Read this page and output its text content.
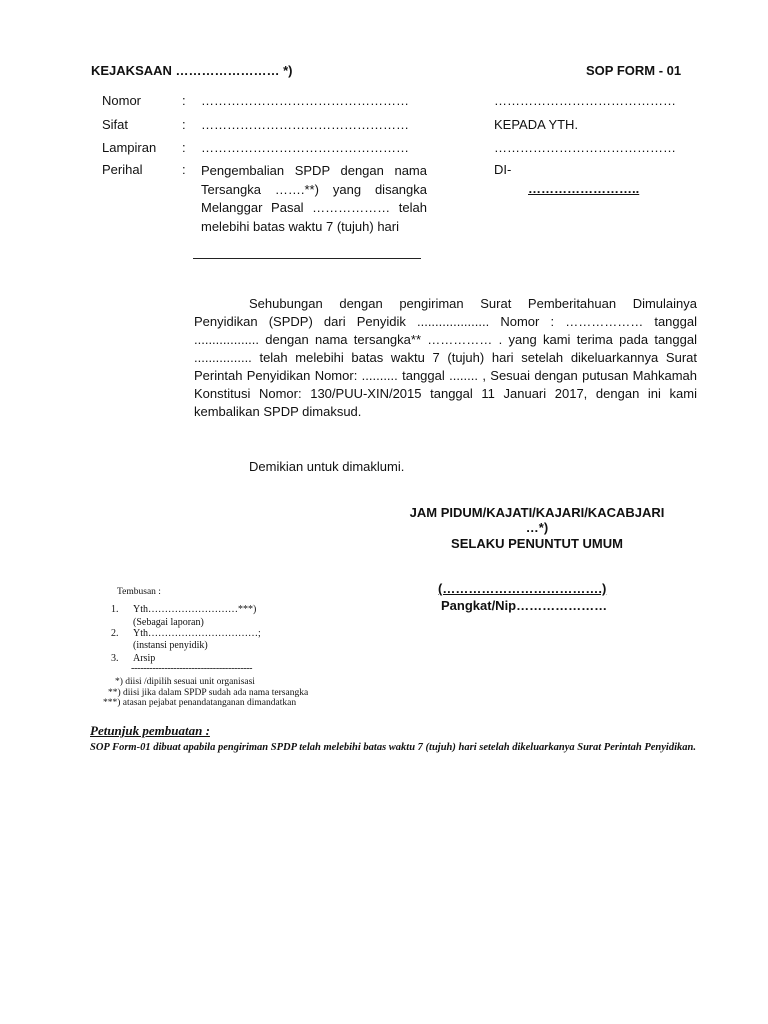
KEJAKSAAN …………………… *)	SOP FORM - 01
Nomor	: …………………………………………
Sifat	: …………………………………………
Lampiran : …………………………………………
Perihal	: Pengembalian SPDP dengan nama Tersangka …….**) yang disangka Melanggar Pasal ……………… telah melebihi batas waktu 7 (tujuh) hari
……………………………………
KEPADA YTH.
……………………………………
DI-
……………………..
Sehubungan dengan pengiriman Surat Pemberitahuan Dimulainya Penyidikan (SPDP) dari Penyidik .................... Nomor : ……………… tanggal .................. dengan nama tersangka** …………… . yang kami terima pada tanggal ................ telah melebihi batas waktu 7 (tujuh) hari setelah dikeluarkannya Surat Perintah Penyidikan Nomor: .......... tanggal ........ , Sesuai dengan putusan Mahkamah Konstitusi Nomor: 130/PUU-XIN/2015 tanggal 11 Januari 2017, dengan ini kami kembalikan SPDP dimaksud.
Demikian untuk dimaklumi.
JAM PIDUM/KAJATI/KAJARI/KACABJARI
…*)
SELAKU PENUNTUT UMUM
(……………………………….)
Pangkat/Nip…………………
Tembusan :
1. Yth………………………***)
(Sebagai laporan)
2. Yth……………………………;
(instansi penyidik)
3. Arsip
----------------------------------------
*) diisi /dipilih sesuai unit organisasi
**) diisi jika dalam SPDP sudah ada nama tersangka
***) atasan pejabat penandatanganan dimandatkan
Petunjuk pembuatan :
SOP Form-01 dibuat apabila pengiriman SPDP telah melebihi batas waktu 7 (tujuh) hari setelah dikeluarkanya Surat Perintah Penyidikan.
